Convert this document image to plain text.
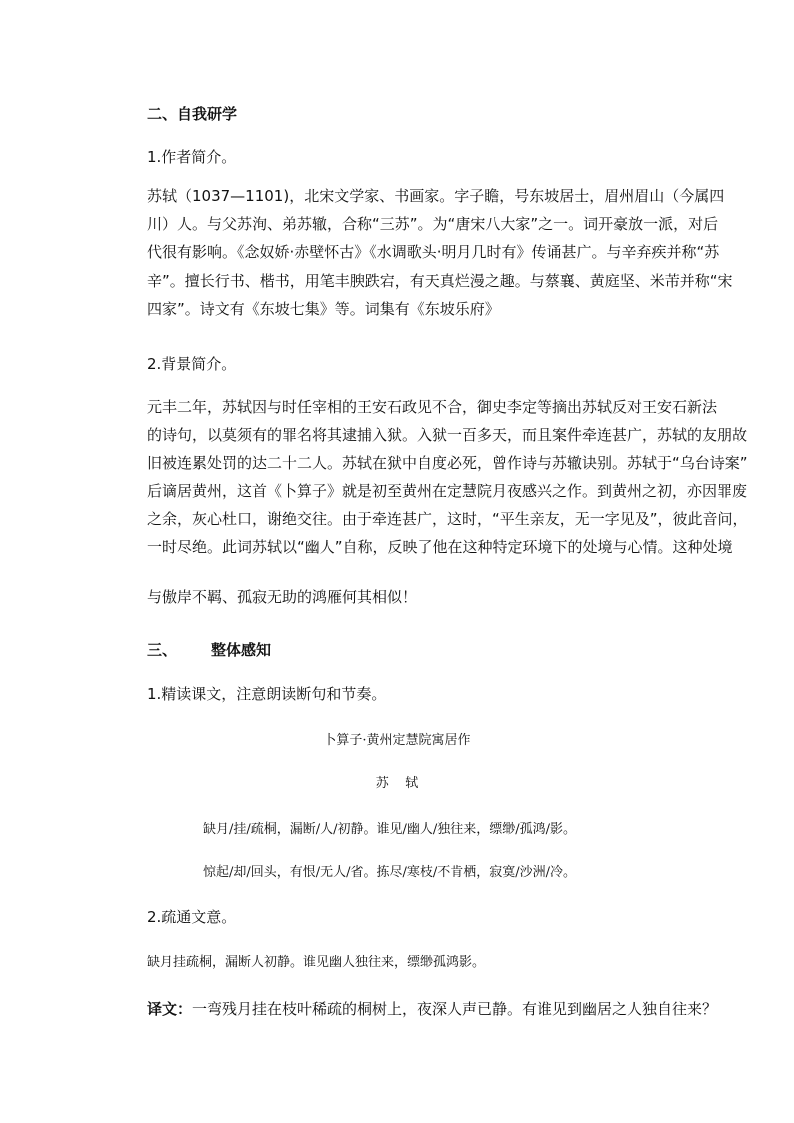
二、自我研学
1.作者简介。
苏轼（1037—1101)，北宋文学家、书画家。字子瞻，号东坡居士，眉州眉山（今属四
川）人。与父苏洵、弟苏辙，合称“三苏”。为“唐宋八大家”之一。词开豪放一派，对后
代很有影响。《念奴娇·赤壁怀古》《水调歌头·明月几时有》传诵甚广。与辛弃疾并称“苏
辛”。擅长行书、楷书，用笔丰腴跌宕，有天真烂漫之趣。与蔡襄、黄庭坚、米芾并称“宋
四家”。诗文有《东坡七集》等。词集有《东坡乐府》
2.背景简介。
元丰二年，苏轼因与时任宰相的王安石政见不合，御史李定等摘出苏轼反对王安石新法
的诗句，以莫须有的罪名将其逮捕入狱。入狱一百多天，而且案件牵连甚广，苏轼的友朋故
旧被连累处罚的达二十二人。苏轼在狱中自度必死，曾作诗与苏辙诀别。苏轼于“乌台诗案”
后谪居黄州，这首《卜算子》就是初至黄州在定慧院月夜感兴之作。到黄州之初，亦因罪废
之余，灰心杜口，谢绝交往。由于牵连甚广，这时，“平生亲友，无一字见及”，彼此音问，
一时尽绝。此词苏轼以“幽人”自称，反映了他在这种特定环境下的处境与心情。这种处境
与傲岸不羁、孤寂无助的鸿雁何其相似！
三、 整体感知
1.精读课文，注意朗读断句和节奏。
卜算子·黄州定慧院寓居作
苏    轼
缺月/挂/疏桐，漏断/人/初静。谁见/幽人/独往来，缥缈/孤鸿/影。
惊起/却/回头，有恨/无人/省。拣尽/寒枝/不肯栖，寂寞/沙洲/冷。
2.疏通文意。
缺月挂疏桐，漏断人初静。谁见幽人独往来，缥缈孤鸿影。
译文：一弯残月挂在枝叶稀疏的桐树上，夜深人声已静。有谁见到幽居之人独自往来？
